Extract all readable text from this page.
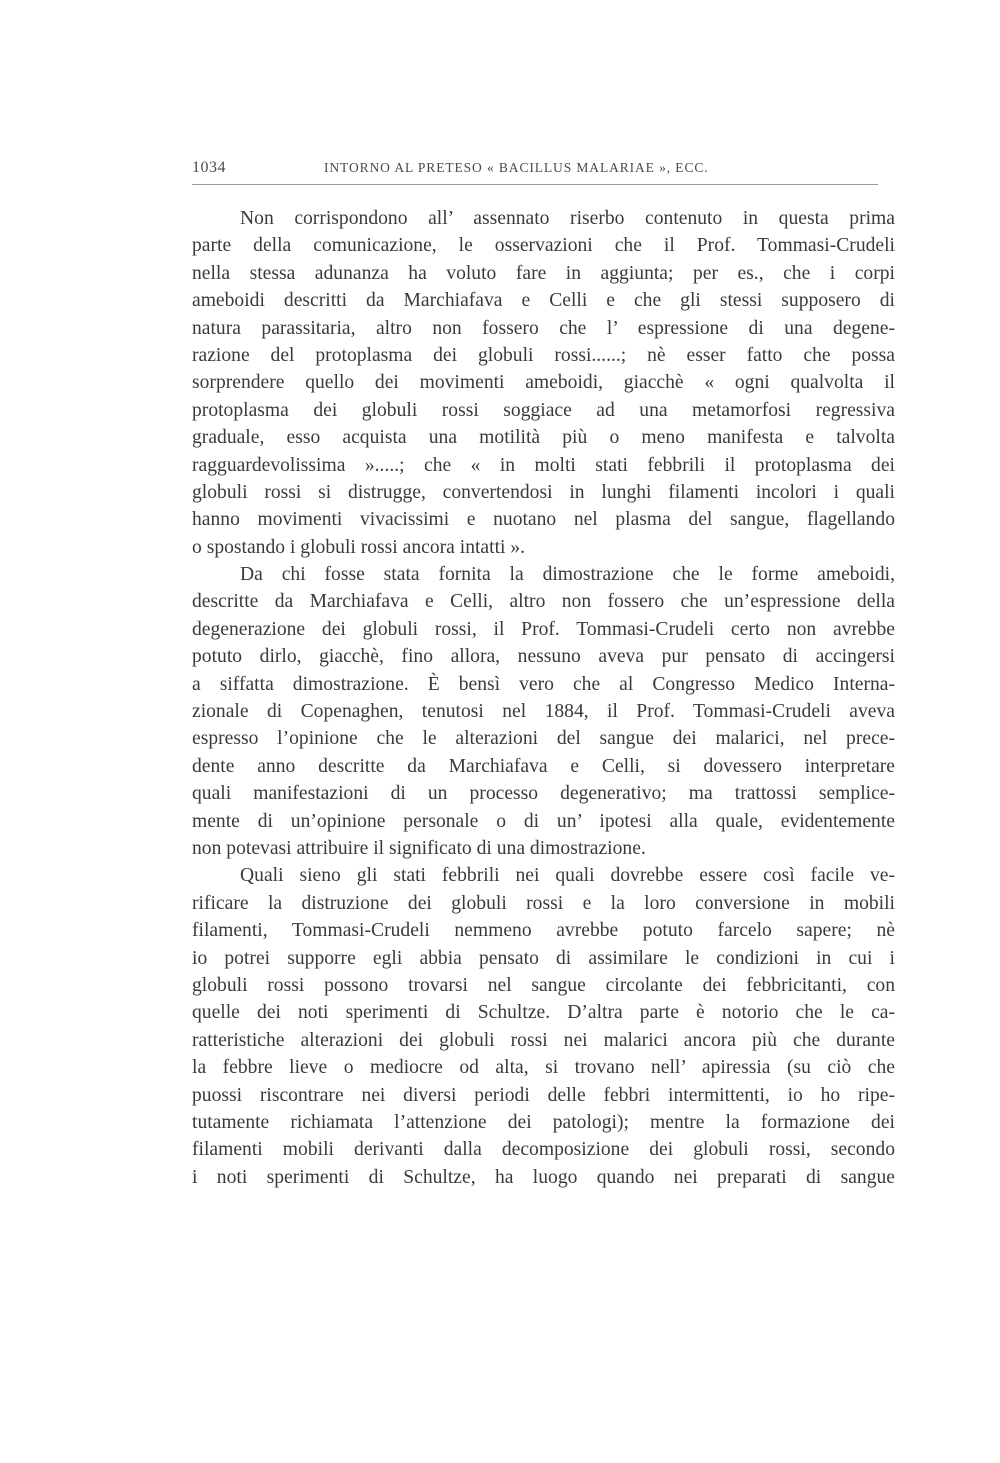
1034	INTORNO AL PRETESO « BACILLUS MALARIAE », ECC.
Non corrispondono all’ assennato riserbo contenuto in questa prima
parte della comunicazione, le osservazioni che il Prof. Tommasi-Crudeli
nella stessa adunanza ha voluto fare in aggiunta; per es., che i corpi
ameboidi descritti da Marchiafava e Celli e che gli stessi supposero di
natura parassitaria, altro non fossero che l’ espressione di una degene-
razione del protoplasma dei globuli rossi......; nè esser fatto che possa
sorprendere quello dei movimenti ameboidi, giacchè « ogni qualvolta il
protoplasma dei globuli rossi soggiace ad una metamorfosi regressiva
graduale, esso acquista una motilità più o meno manifesta e talvolta
ragguardevolissima ».....; che « in molti stati febbrili il protoplasma dei
globuli rossi si distrugge, convertendosi in lunghi filamenti incolori i quali
hanno movimenti vivacissimi e nuotano nel plasma del sangue, flagellando
o spostando i globuli rossi ancora intatti ».
Da chi fosse stata fornita la dimostrazione che le forme ameboidi,
descritte da Marchiafava e Celli, altro non fossero che un’espressione della
degenerazione dei globuli rossi, il Prof. Tommasi-Crudeli certo non avrebbe
potuto dirlo, giacchè, fino allora, nessuno aveva pur pensato di accingersi
a siffatta dimostrazione. È bensì vero che al Congresso Medico Interna-
zionale di Copenaghen, tenutosi nel 1884, il Prof. Tommasi-Crudeli aveva
espresso l’opinione che le alterazioni del sangue dei malarici, nel prece-
dente anno descritte da Marchiafava e Celli, si dovessero interpretare
quali manifestazioni di un processo degenerativo; ma trattossi semplice-
mente di un’opinione personale o di un’ ipotesi alla quale, evidentemente
non potevasi attribuire il significato di una dimostrazione.
Quali sieno gli stati febbrili nei quali dovrebbe essere così facile ve-
rificare la distruzione dei globuli rossi e la loro conversione in mobili
filamenti, Tommasi-Crudeli nemmeno avrebbe potuto farcelo sapere; nè
io potrei supporre egli abbia pensato di assimilare le condizioni in cui i
globuli rossi possono trovarsi nel sangue circolante dei febbricitanti, con
quelle dei noti sperimenti di Schultze. D’altra parte è notorio che le ca-
ratteristiche alterazioni dei globuli rossi nei malarici ancora più che durante
la febbre lieve o mediocre od alta, si trovano nell’ apiressia (su ciò che
puossi riscontrare nei diversi periodi delle febbri intermittenti, io ho ripe-
tutamente richiamata l’attenzione dei patologi); mentre la formazione dei
filamenti mobili derivanti dalla decomposizione dei globuli rossi, secondo
i noti sperimenti di Schultze, ha luogo quando nei preparati di sangue
